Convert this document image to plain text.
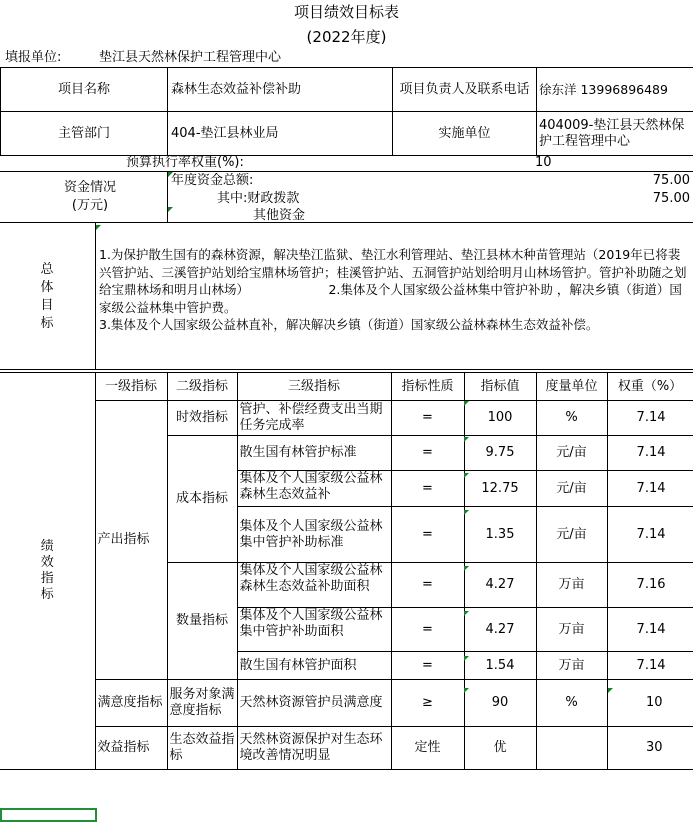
项目绩效目标表
(2022年度)
填报单位:	垫江县天然林保护工程管理中心
项目名称	森林生态效益补偿补助	项目负责人及联系电话	徐东洋 13996896489
主管部门	404-垫江县林业局	实施单位	404009-垫江县天然林保护工程管理中心
预算执行率权重(%):	10
资金情况
(万元)
年度资金总额:	75.00
其中:财政拨款	75.00
其他资金
总
体
目
标
1.为保护散生国有的森林资源，解决垫江监狱、垫江水利管理站、垫江县林木种苗管理站（2019年已将裴兴管护站、三溪管护站划给宝鼎林场管护；桂溪管护站、五洞管护站划给明月山林场管护。管护补助随之划给宝鼎林场和明月山林场）                    2.集体及个人国家级公益林集中管护补助 ，解决乡镇（街道）国家级公益林集中管护费。
3.集体及个人国家级公益林直补，解决解决乡镇（街道）国家级公益林森林生态效益补偿。
绩
效
指
标	一级指标	二级指标	三级指标	指标性质	指标值	度量单位	权重（%）
	产出指标	时效指标	管护、补偿经费支出当期任务完成率	=	100	%	7.14
		成本指标	散生国有林管护标准	=	9.75	元/亩	7.14
			集体及个人国家级公益林森林生态效益补	=	12.75	元/亩	7.14
			集体及个人国家级公益林集中管护补助标准	=	1.35	元/亩	7.14
		数量指标	集体及个人国家级公益林森林生态效益补助面积	=	4.27	万亩	7.16
			集体及个人国家级公益林集中管护补助面积	=	4.27	万亩	7.14
			散生国有林管护面积	=	1.54	万亩	7.14
	满意度指标	服务对象满意度指标	天然林资源管护员满意度	≥	90	%	10
	效益指标	生态效益指标	天然林资源保护对生态环境改善情况明显	定性	优		30
